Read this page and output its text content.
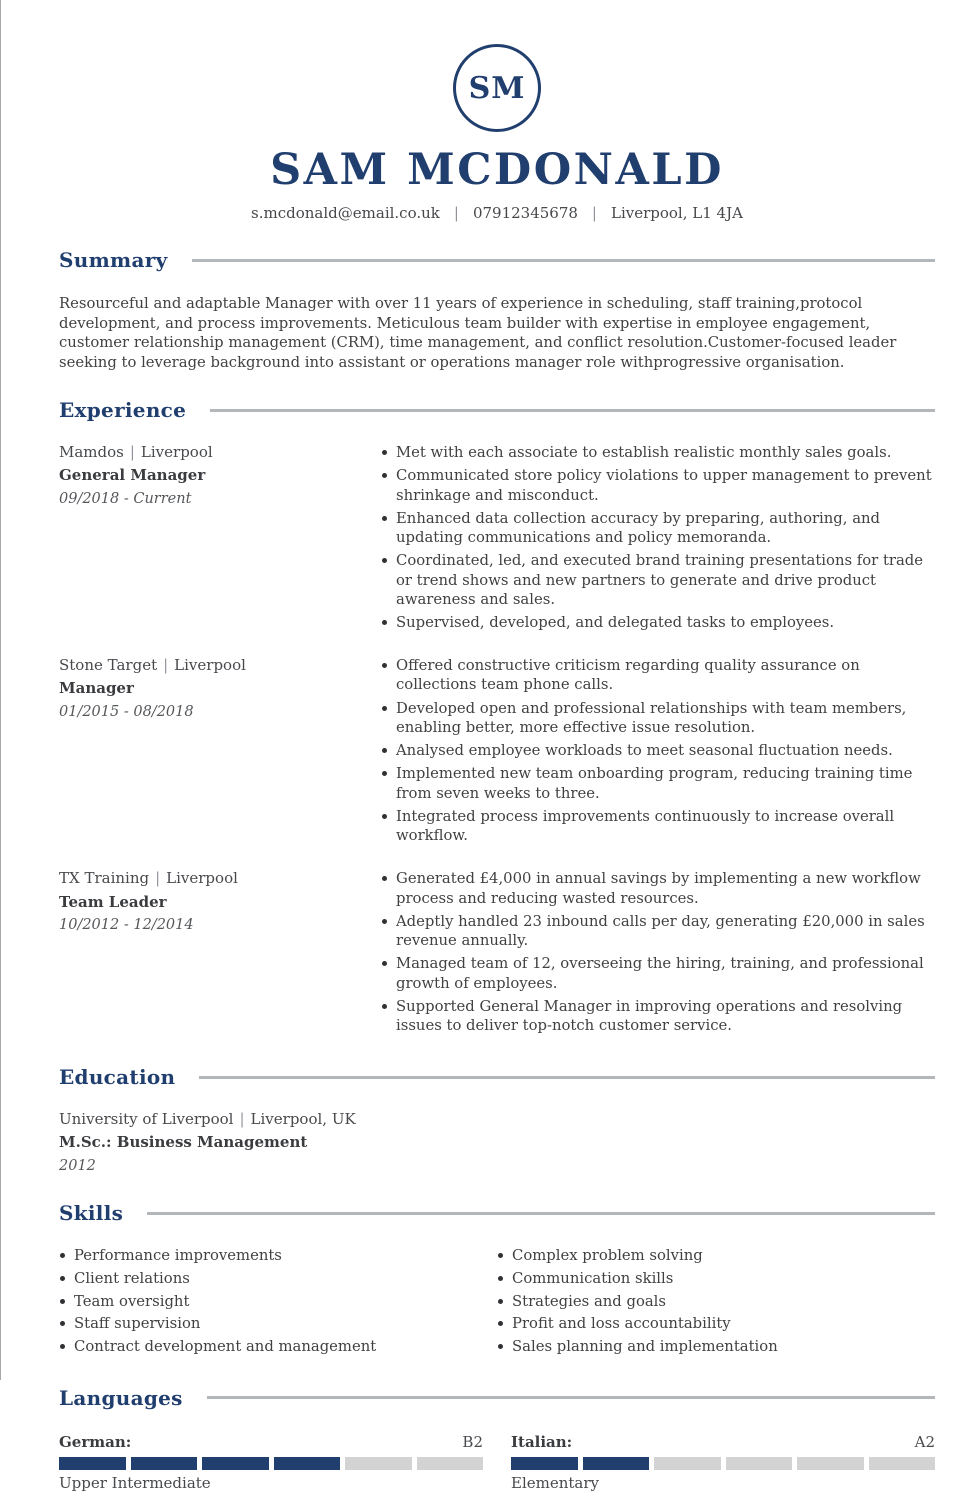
SM
SAM MCDONALD
s.mcdonald@email.co.uk | 07912345678 | Liverpool, L1 4JA
Summary

Resourceful and adaptable Manager with over 11 years of experience in scheduling, staff training,protocol development, and process improvements. Meticulous team builder with expertise in employee engagement, customer relationship management (CRM), time management, and conflict resolution.Customer-focused leader seeking to leverage background into assistant or operations manager role withprogressive organisation.

Experience
Mamdos | Liverpool
General Manager
09/2018 - Current
Met with each associate to establish realistic monthly sales goals.
Communicated store policy violations to upper management to prevent shrinkage and misconduct.
Enhanced data collection accuracy by preparing, authoring, and updating communications and policy memoranda.
Coordinated, led, and executed brand training presentations for trade or trend shows and new partners to generate and drive product awareness and sales.
Supervised, developed, and delegated tasks to employees.
Stone Target | Liverpool
Manager
01/2015 - 08/2018
Offered constructive criticism regarding quality assurance on collections team phone calls.
Developed open and professional relationships with team members, enabling better, more effective issue resolution.
Analysed employee workloads to meet seasonal fluctuation needs.
Implemented new team onboarding program, reducing training time from seven weeks to three.
Integrated process improvements continuously to increase overall workflow.
TX Training | Liverpool
Team Leader
10/2012 - 12/2014
Generated £4,000 in annual savings by implementing a new workflow process and reducing wasted resources.
Adeptly handled 23 inbound calls per day, generating £20,000 in sales revenue annually.
Managed team of 12, overseeing the hiring, training, and professional growth of employees.
Supported General Manager in improving operations and resolving issues to deliver top-notch customer service.
Education
University of Liverpool | Liverpool, UK
M.Sc.: Business Management
2012
Skills
Performance improvements
Client relations
Team oversight
Staff supervision
Contract development and management
Complex problem solving
Communication skills
Strategies and goals
Profit and loss accountability
Sales planning and implementation
Languages
German:	B2
Upper Intermediate
Italian:	A2
Elementary
